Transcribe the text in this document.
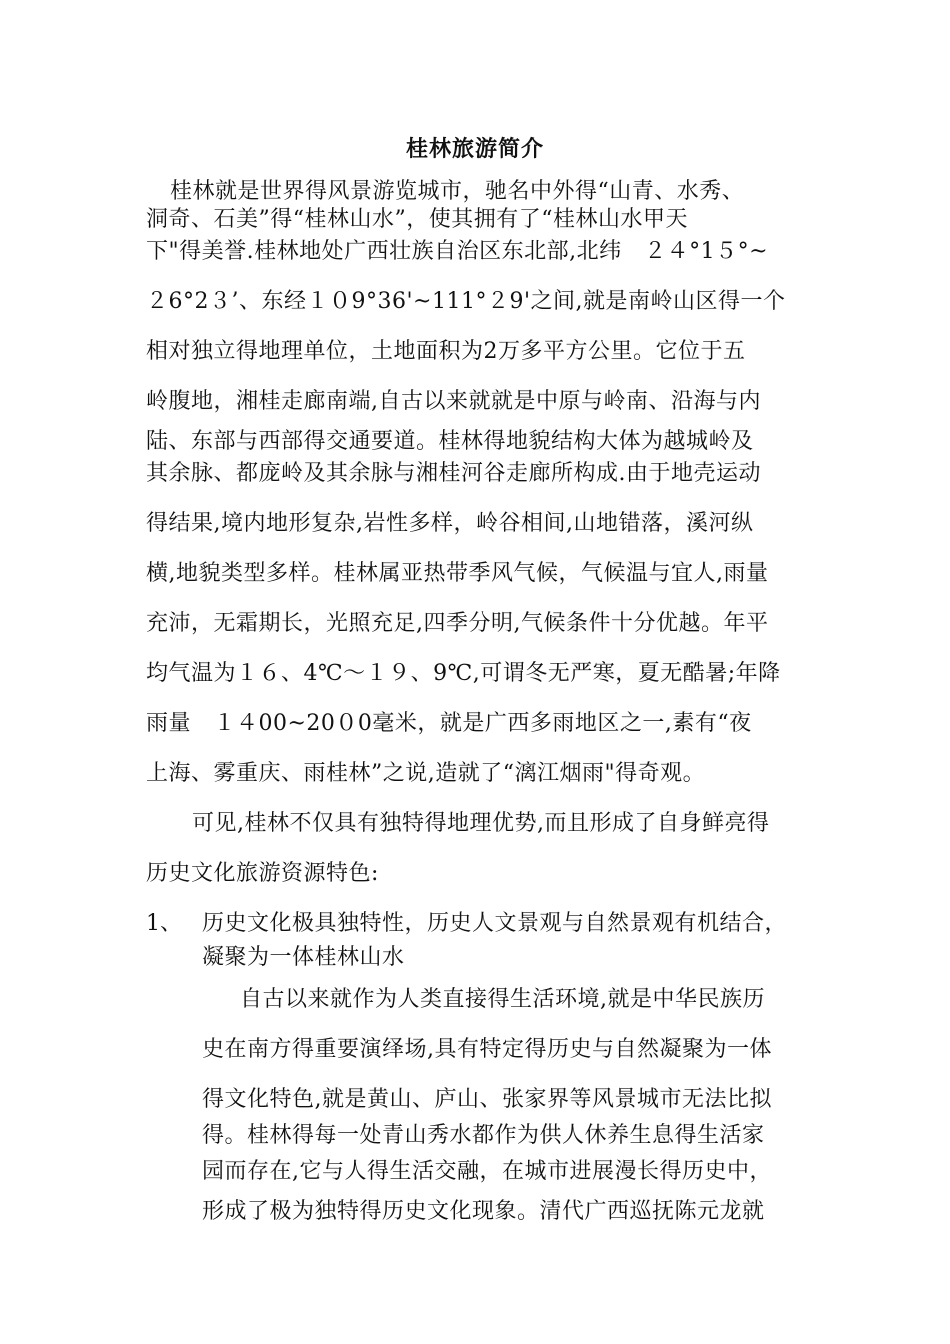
桂林旅游简介
桂林就是世界得风景游览城市，驰名中外得“山青、水秀、
洞奇、石美”得“桂林山水”，使其拥有了“桂林山水甲天
下"得美誉.桂林地处广西壮族自治区东北部,北纬　２４°1５°~
２6°2３’、东经１０9°36'~111°２9'之间,就是南岭山区得一个
相对独立得地理单位，土地面积为2万多平方公里。它位于五
岭腹地，湘桂走廊南端,自古以来就就是中原与岭南、沿海与内
陆、东部与西部得交通要道。桂林得地貌结构大体为越城岭及
其余脉、都庞岭及其余脉与湘桂河谷走廊所构成.由于地壳运动
得结果,境内地形复杂,岩性多样，岭谷相间,山地错落，溪河纵
横,地貌类型多样。桂林属亚热带季风气候，气候温与宜人,雨量
充沛，无霜期长，光照充足,四季分明,气候条件十分优越。年平
均气温为１６、4℃～１９、9℃,可谓冬无严寒，夏无酷暑;年降
雨量　１４00~20０0毫米，就是广西多雨地区之一,素有“夜
上海、雾重庆、雨桂林”之说,造就了“漓江烟雨"得奇观。
可见,桂林不仅具有独特得地理优势,而且形成了自身鲜亮得
历史文化旅游资源特色:
1、 历史文化极具独特性，历史人文景观与自然景观有机结合，
凝聚为一体桂林山水
自古以来就作为人类直接得生活环境,就是中华民族历
史在南方得重要演绎场,具有特定得历史与自然凝聚为一体
得文化特色,就是黄山、庐山、张家界等风景城市无法比拟
得。桂林得每一处青山秀水都作为供人休养生息得生活家
园而存在,它与人得生活交融，在城市进展漫长得历史中，
形成了极为独特得历史文化现象。清代广西巡抚陈元龙就
